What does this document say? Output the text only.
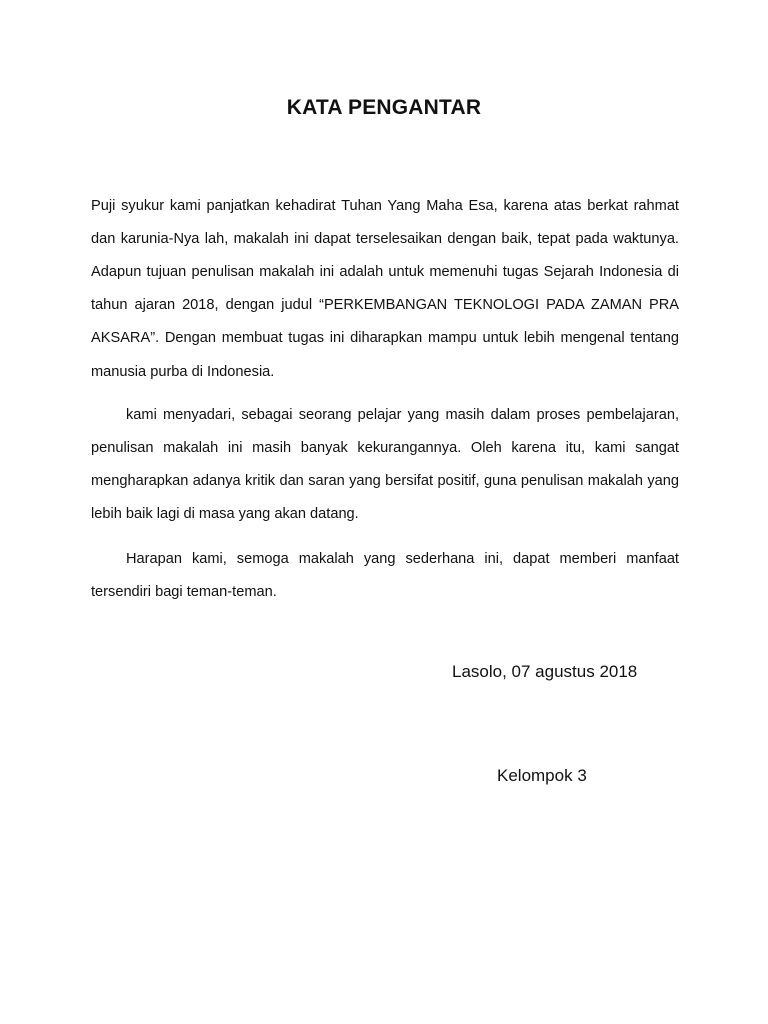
KATA PENGANTAR

Puji syukur kami panjatkan kehadirat Tuhan Yang Maha Esa, karena atas berkat rahmat dan karunia-Nya lah, makalah ini dapat terselesaikan dengan baik, tepat pada waktunya. Adapun tujuan penulisan makalah ini adalah untuk memenuhi tugas Sejarah Indonesia di tahun ajaran 2018, dengan judul “PERKEMBANGAN TEKNOLOGI PADA ZAMAN PRA AKSARA”. Dengan membuat tugas ini diharapkan mampu untuk lebih mengenal tentang manusia purba di Indonesia.

kami menyadari, sebagai seorang pelajar yang masih dalam proses pembelajaran, penulisan makalah ini masih banyak kekurangannya. Oleh karena itu, kami sangat mengharapkan adanya kritik dan saran yang bersifat positif, guna penulisan makalah yang lebih baik lagi di masa yang akan datang.

Harapan kami, semoga makalah yang sederhana ini, dapat memberi manfaat tersendiri bagi teman-teman.

Lasolo, 07 agustus 2018
Kelompok 3
